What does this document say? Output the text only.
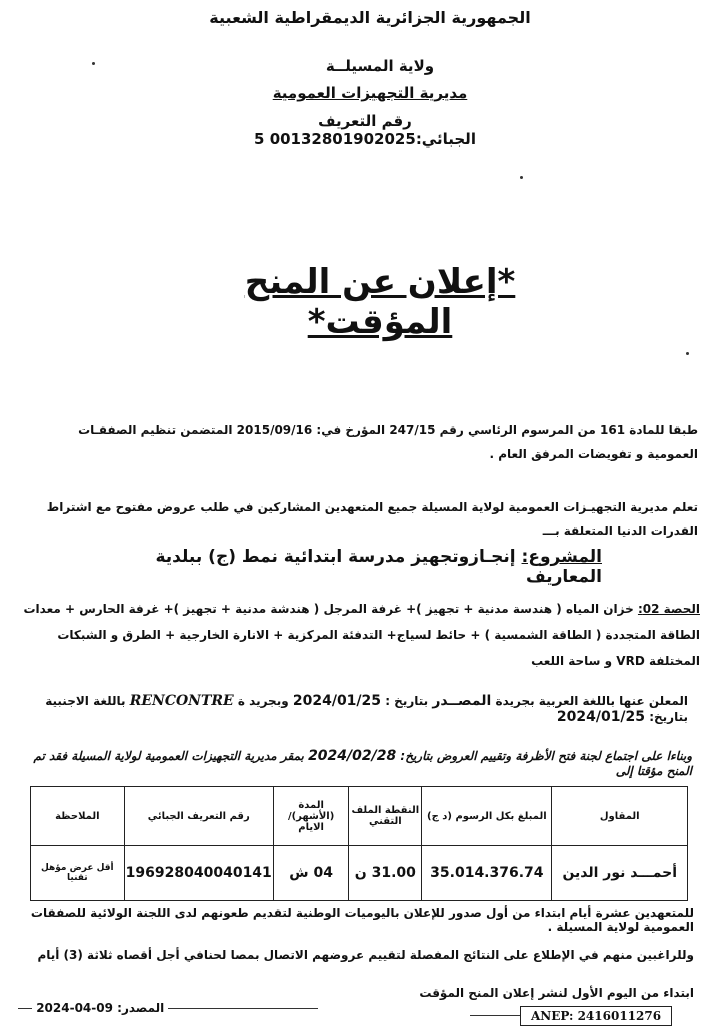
الجمهورية الجزائرية الديمقراطية الشعبية
ولاية المسيلــة
مديرية التجهيزات العمومية
رقم التعريف الجبائي:00132801902025 5
*إعلان عن المنح المؤقت*
طبقا للمادة 161 من المرسوم الرئاسي رقم 247/15 المؤرخ في: 2015/09/16 المتضمن تنظيم الصفقـات العمومية و تفويضات المرفق العام .
تعلم مديرية التجهيـزات العمومية لولاية المسيلة جميع المتعهدين المشاركين في طلب عروض مفتوح مع اشتراط القدرات الدنيا المتعلقة بـــ
المشروع: إنجـازوتجهيز مدرسة ابتدائية نمط (ج) ببلدية المعاريف
الحصة 02: خزان المياه ( هندسة مدنية + تجهيز )+ غرفة المرجل ( هندشة مدنية + تجهيز )+ غرفة الحارس + معدات الطاقة المتجددة ( الطاقة الشمسية ) + حائط لسياج+ التدفئة المركزية + الانارة الخارجية + الطرق و الشبكات المختلفة VRD و ساحة اللعب
المعلن عنها باللغة العربية بجريدة المصــدر بتاريخ : 2024/01/25 وبجريد ة RENCONTRE باللغة الاجنبية بتاريخ: 2024/01/25
وبناءا على اجتماع لجنة فتح الأظرفة وتقييم العروض بتاريخ: 2024/02/28 بمقر مديرية التجهيزات العمومية لولاية المسيلة فقد تم المنح مؤقتا إلى
المقاول	المبلغ بكل الرسوم (د ج)	النقطة الملف التقني	المدة (الأشهر)/ الايام	رقم التعريف الجبائي	الملاحظة
أحمـــد نور الدين	35.014.376.74	31.00 ن	04 ش	196928040040141	أقل عرض مؤهل تقنيا
للمتعهدين عشرة أيام ابتداء من أول صدور للإعلان باليوميات الوطنية لتقديم طعونهم لدى اللجنة الولائية للصفقات العمومية لولاية المسيلة .
وللراغبين منهم في الإطلاع على النتائج المفصلة لتقييم عروضهم الاتصال بمصا لحنافي أجل أقصاه ثلاثة (3) أيام ابتداء من اليوم الأول لنشر إعلان المنح المؤقت
2024-04-09 المصدر:
ANEP: 2416011276
